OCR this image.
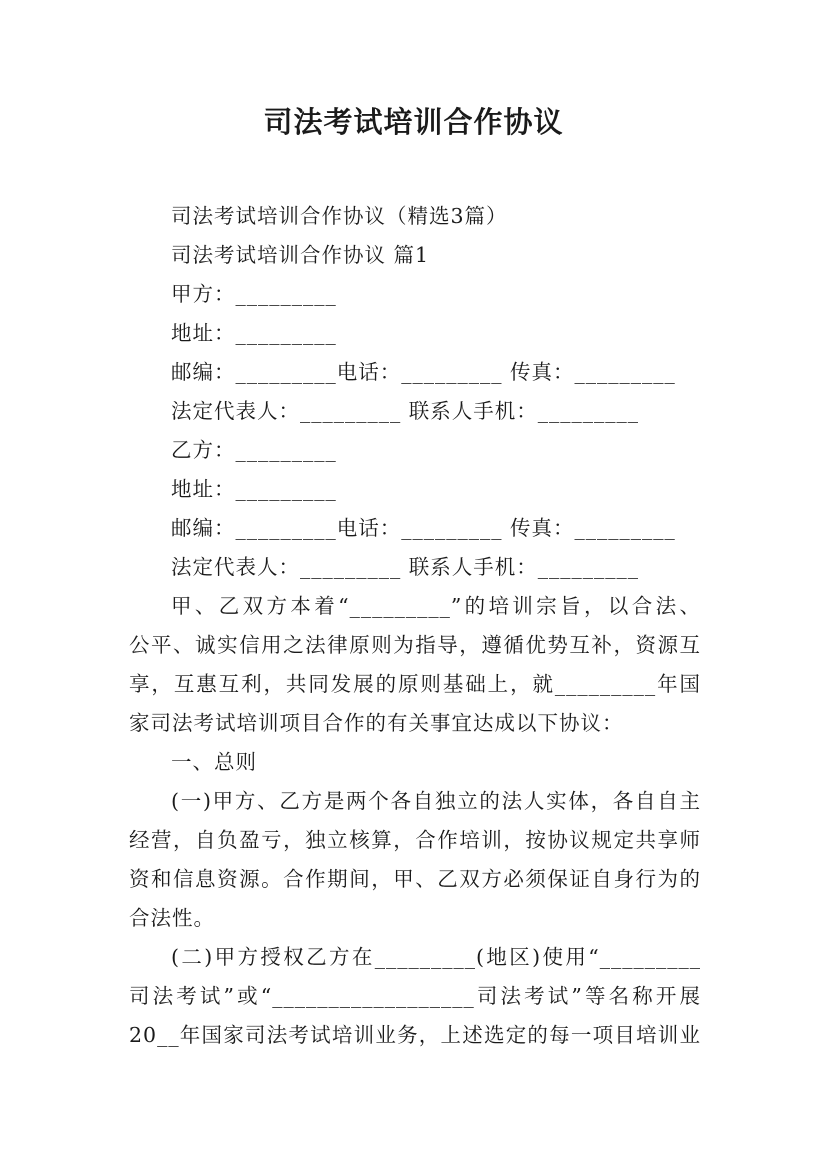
司法考试培训合作协议
司法考试培训合作协议（精选3篇）
司法考试培训合作协议 篇1
甲方：_________
地址：_________
邮编：_________电话：_________ 传真：_________
法定代表人：_________ 联系人手机：_________
乙方：_________
地址：_________
邮编：_________电话：_________ 传真：_________
法定代表人：_________ 联系人手机：_________
甲、乙双方本着“_________”的培训宗旨，以合法、
公平、诚实信用之法律原则为指导，遵循优势互补，资源互
享，互惠互利，共同发展的原则基础上，就_________年国
家司法考试培训项目合作的有关事宜达成以下协议：
一、总则
(一)甲方、乙方是两个各自独立的法人实体，各自自主
经营，自负盈亏，独立核算，合作培训，按协议规定共享师
资和信息资源。合作期间，甲、乙双方必须保证自身行为的
合法性。
(二)甲方授权乙方在_________(地区)使用“_________
司法考试”或“__________________司法考试”等名称开展
20__年国家司法考试培训业务，上述选定的每一项目培训业
